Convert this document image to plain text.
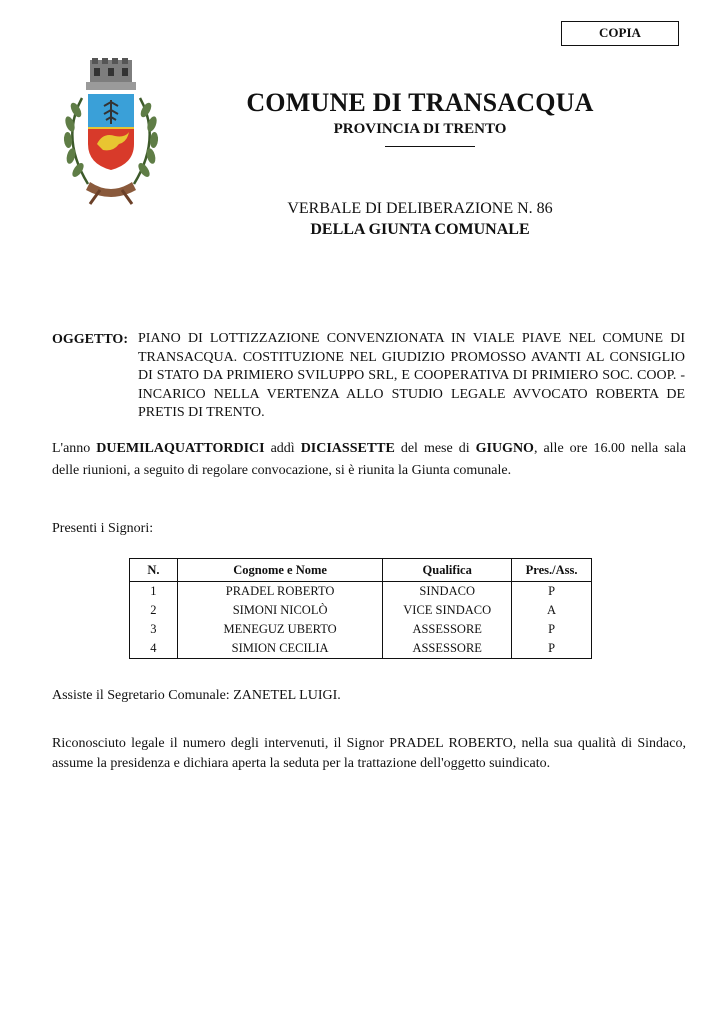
COPIA
COMUNE DI TRANSACQUA
PROVINCIA DI TRENTO
VERBALE DI DELIBERAZIONE N. 86
DELLA GIUNTA COMUNALE
OGGETTO: PIANO DI LOTTIZZAZIONE CONVENZIONATA IN VIALE PIAVE NEL COMUNE DI TRANSACQUA. COSTITUZIONE NEL GIUDIZIO PROMOSSO AVANTI AL CONSIGLIO DI STATO DA PRIMIERO SVILUPPO SRL, E COOPERATIVA DI PRIMIERO SOC. COOP. - INCARICO NELLA VERTENZA ALLO STUDIO LEGALE AVVOCATO ROBERTA DE PRETIS DI TRENTO.
L'anno DUEMILAQUATTORDICI addì DICIASSETTE del mese di GIUGNO, alle ore 16.00 nella sala delle riunioni, a seguito di regolare convocazione, si è riunita la Giunta comunale.
Presenti i Signori:
N.	Cognome e Nome	Qualifica	Pres./Ass.
1	PRADEL ROBERTO	SINDACO	P
2	SIMONI NICOLÒ	VICE SINDACO	A
3	MENEGUZ UBERTO	ASSESSORE	P
4	SIMION CECILIA	ASSESSORE	P
Assiste il Segretario Comunale: ZANETEL LUIGI.
Riconosciuto legale il numero degli intervenuti, il Signor PRADEL ROBERTO, nella sua qualità di Sindaco, assume la presidenza e dichiara aperta la seduta per la trattazione dell'oggetto suindicato.
